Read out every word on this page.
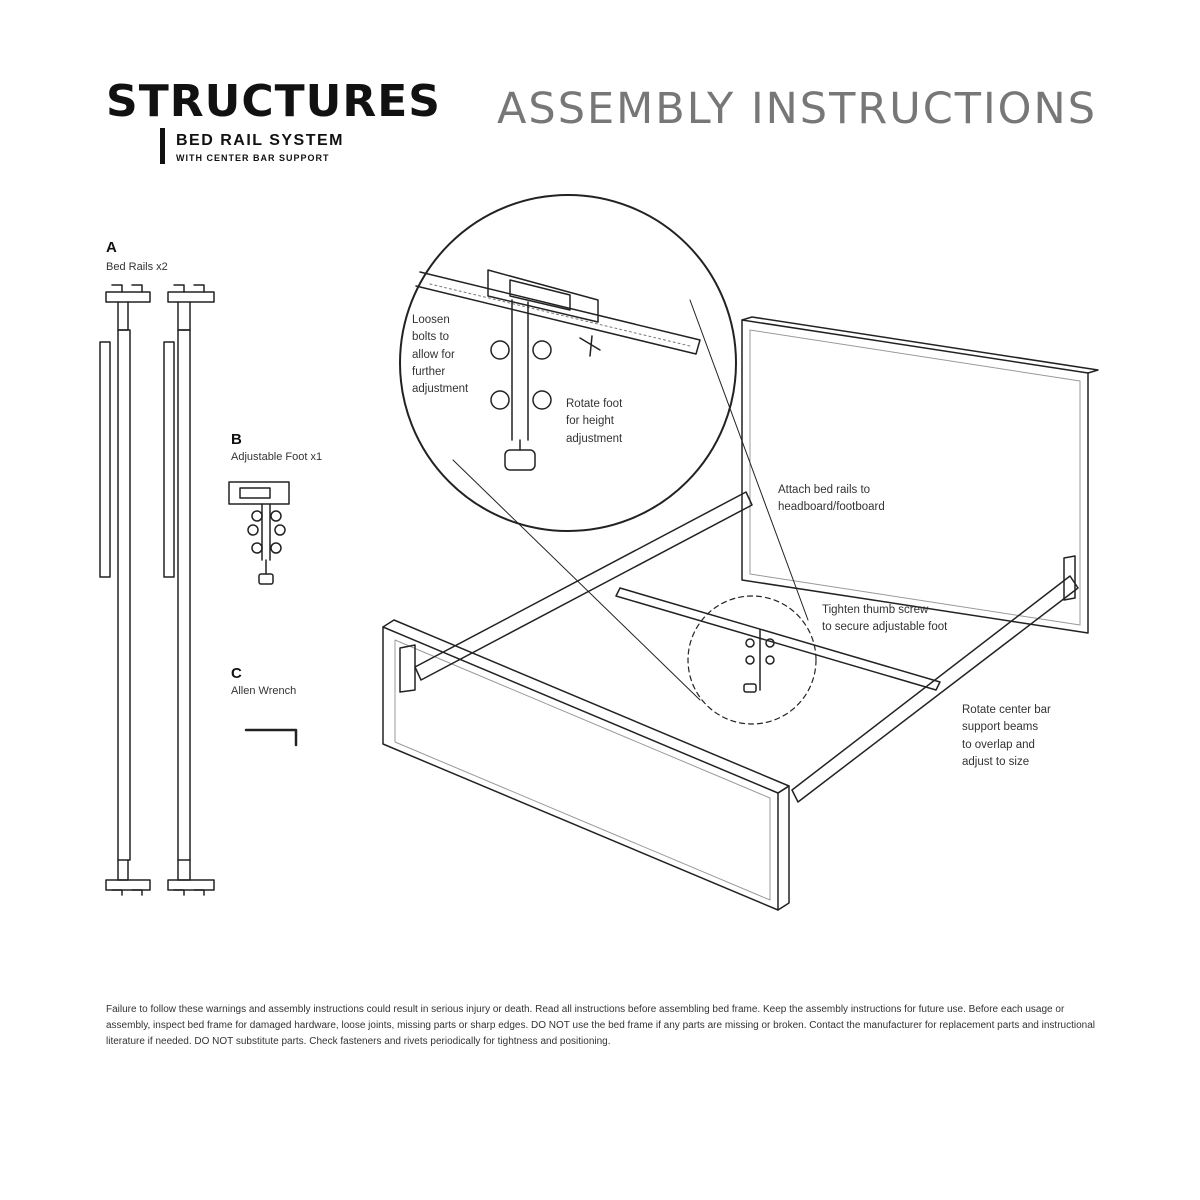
STRUCTURES
BED RAIL SYSTEM
WITH CENTER BAR SUPPORT
ASSEMBLY INSTRUCTIONS
A
Bed Rails x2
B
Adjustable Foot x1
C
Allen Wrench
Loosen
bolts to
allow for
further
adjustment
Rotate foot
for height
adjustment
Attach bed rails to
headboard/footboard
Tighten thumb screw
to secure adjustable foot
Rotate center bar
support beams
to overlap and
adjust to size
Failure to follow these warnings and assembly instructions could result in serious injury or death. Read all instructions before assembling bed frame. Keep the assembly instructions for future use. Before each usage or assembly, inspect bed frame for damaged hardware, loose joints, missing parts or sharp edges. DO NOT use the bed frame if any parts are missing or broken. Contact the manufacturer for replacement parts and instructional literature if needed. DO NOT substitute parts. Check fasteners and rivets periodically for tightness and positioning.
